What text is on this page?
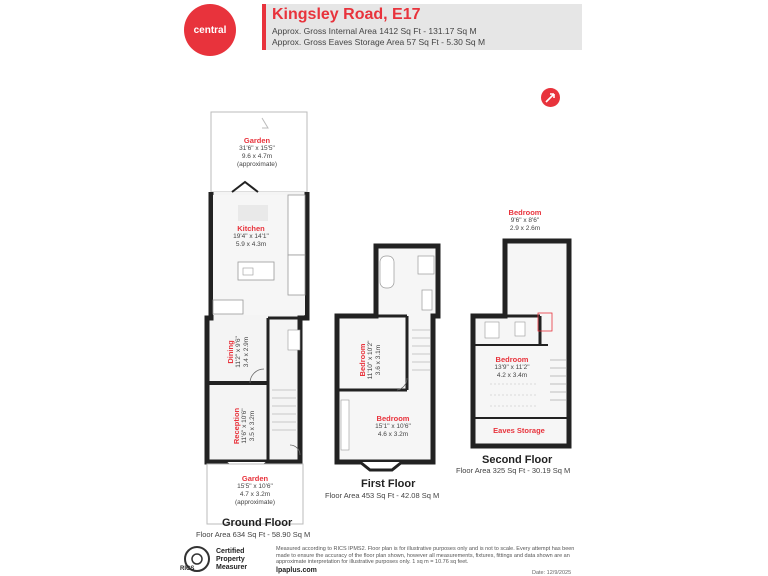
central
Kingsley Road, E17
Approx. Gross Internal Area 1412 Sq Ft - 131.17 Sq M
Approx. Gross Eaves Storage Area 57 Sq Ft - 5.30 Sq M
Garden
31'6" x 15'5"
9.6 x 4.7m
(approximate)
Kitchen
19'4" x 14'1"
5.9 x 4.3m
Dining 11'2" x 9'6" 3.4 x 2.9m
Reception 11'6" x 10'6" 3.5 x 3.2m
Garden
15'5" x 10'6"
4.7 x 3.2m
(approximate)
Ground Floor
Floor Area 634 Sq Ft - 58.90 Sq M
Bedroom 11'10" x 10'2" 3.6 x 3.1m
Bedroom
15'1" x 10'6"
4.6 x 3.2m
First Floor
Floor Area 453 Sq Ft - 42.08 Sq M
Bedroom
9'6" x 8'6"
2.9 x 2.6m
Bedroom
13'9" x 11'2"
4.2 x 3.4m
Eaves Storage
Second Floor
Floor Area 325 Sq Ft - 30.19 Sq M
RICS
Certified
Property
Measurer
Measured according to RICS IPMS2. Floor plan is for illustrative purposes only and is not to scale. Every attempt has been made to ensure the accuracy of the floor plan shown, however all measurements, fixtures, fittings and data shown are an approximate interpretation for illustrative purposes only. 1 sq m = 10.76 sq feet.
lpaplus.com	Date: 12/9/2025
